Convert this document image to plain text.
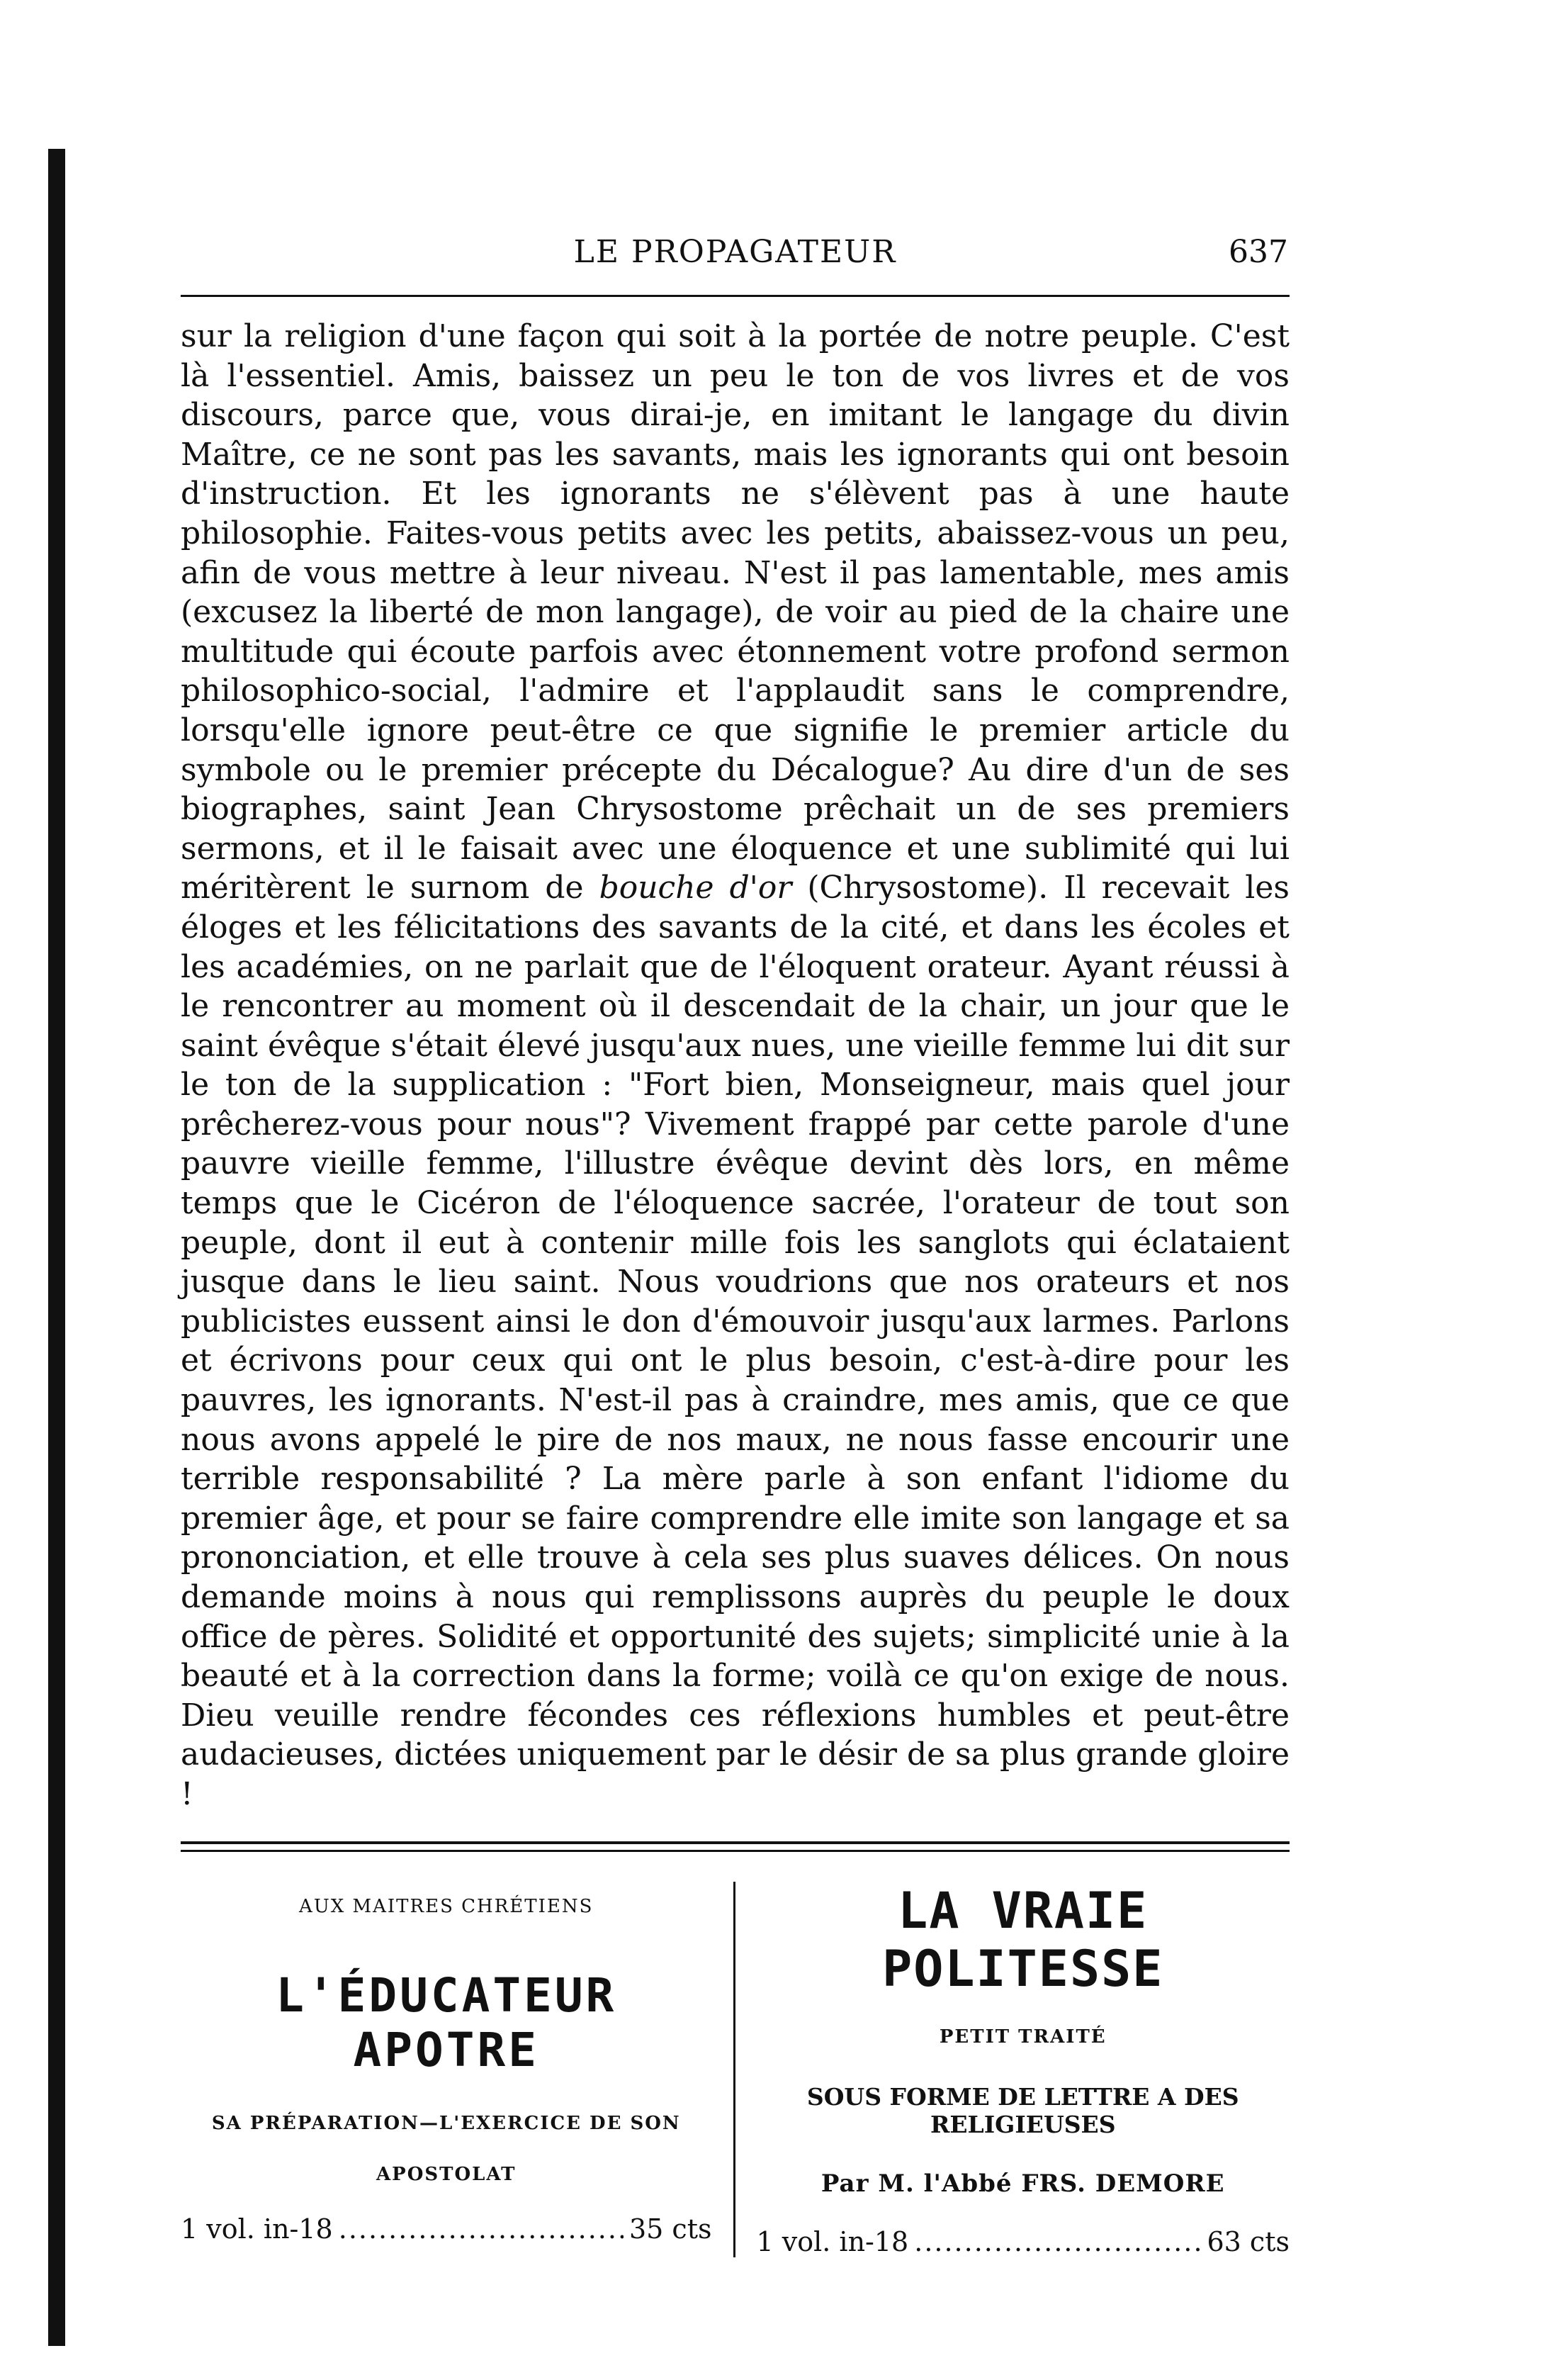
LE PROPAGATEUR	637

sur la religion d'une façon qui soit à la portée de notre peuple. C'est là l'essentiel. Amis, baissez un peu le ton de vos livres et de vos discours, parce que, vous dirai-je, en imitant le langage du divin Maître, ce ne sont pas les savants, mais les ignorants qui ont besoin d'instruction. Et les ignorants ne s'élèvent pas à une haute philosophie. Faites-vous petits avec les petits, abaissez-vous un peu, afin de vous mettre à leur niveau. N'est il pas lamentable, mes amis (excusez la liberté de mon langage), de voir au pied de la chaire une multitude qui écoute parfois avec étonnement votre profond sermon philosophico-social, l'admire et l'applaudit sans le comprendre, lorsqu'elle ignore peut-être ce que signifie le premier article du symbole ou le premier précepte du Décalogue? Au dire d'un de ses biographes, saint Jean Chrysostome prêchait un de ses premiers sermons, et il le faisait avec une éloquence et une sublimité qui lui méritèrent le surnom de bouche d'or (Chrysostome). Il recevait les éloges et les félicitations des savants de la cité, et dans les écoles et les académies, on ne parlait que de l'éloquent orateur. Ayant réussi à le rencontrer au moment où il descendait de la chair, un jour que le saint évêque s'était élevé jusqu'aux nues, une vieille femme lui dit sur le ton de la supplication : "Fort bien, Monseigneur, mais quel jour prêcherez-vous pour nous"? Vivement frappé par cette parole d'une pauvre vieille femme, l'illustre évêque devint dès lors, en même temps que le Cicéron de l'éloquence sacrée, l'orateur de tout son peuple, dont il eut à contenir mille fois les sanglots qui éclataient jusque dans le lieu saint. Nous voudrions que nos orateurs et nos publicistes eussent ainsi le don d'émouvoir jusqu'aux larmes. Parlons et écrivons pour ceux qui ont le plus besoin, c'est-à-dire pour les pauvres, les ignorants. N'est-il pas à craindre, mes amis, que ce que nous avons appelé le pire de nos maux, ne nous fasse encourir une terrible responsabilité ? La mère parle à son enfant l'idiome du premier âge, et pour se faire comprendre elle imite son langage et sa prononciation, et elle trouve à cela ses plus suaves délices. On nous demande moins à nous qui remplissons auprès du peuple le doux office de pères. Solidité et opportunité des sujets; simplicité unie à la beauté et à la correction dans la forme; voilà ce qu'on exige de nous. Dieu veuille rendre fécondes ces réflexions humbles et peut-être audacieuses, dictées uniquement par le désir de sa plus grande gloire !

AUX MAITRES CHRÉTIENS
L'ÉDUCATEUR APOTRE
SA PRÉPARATION—L'EXERCICE DE SON
APOSTOLAT
1 vol. in-18 .....	35 cts
LA VRAIE POLITESSE
PETIT TRAITÉ
SOUS FORME DE LETTRE A DES RELIGIEUSES
Par M. l'Abbé FRS. DEMORE
1 vol. in-18 .....	63 cts
